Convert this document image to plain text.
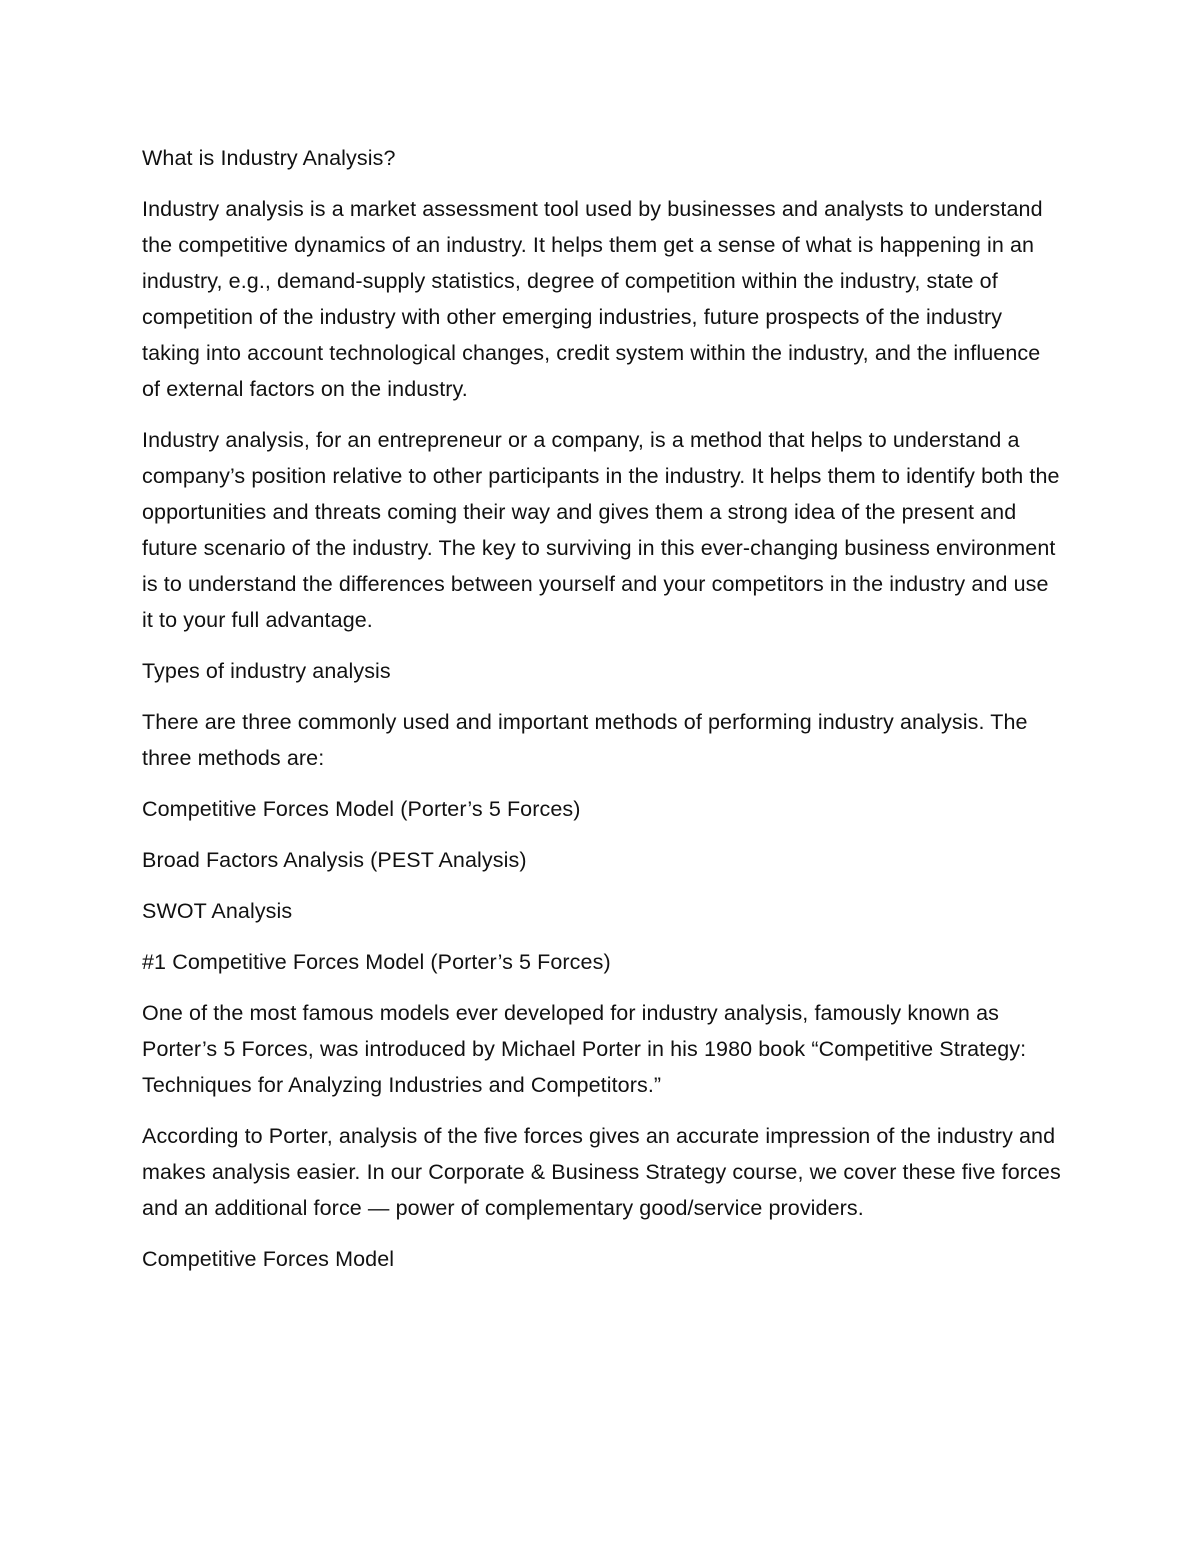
What is Industry Analysis?

Industry analysis is a market assessment tool used by businesses and analysts to understand the competitive dynamics of an industry. It helps them get a sense of what is happening in an industry, e.g., demand-supply statistics, degree of competition within the industry, state of competition of the industry with other emerging industries, future prospects of the industry taking into account technological changes, credit system within the industry, and the influence of external factors on the industry.

Industry analysis, for an entrepreneur or a company, is a method that helps to understand a company’s position relative to other participants in the industry. It helps them to identify both the opportunities and threats coming their way and gives them a strong idea of the present and future scenario of the industry. The key to surviving in this ever-changing business environment is to understand the differences between yourself and your competitors in the industry and use it to your full advantage.

Types of industry analysis

There are three commonly used and important methods of performing industry analysis. The three methods are:

Competitive Forces Model (Porter’s 5 Forces)

Broad Factors Analysis (PEST Analysis)

SWOT Analysis

#1 Competitive Forces Model (Porter’s 5 Forces)

One of the most famous models ever developed for industry analysis, famously known as Porter’s 5 Forces, was introduced by Michael Porter in his 1980 book “Competitive Strategy: Techniques for Analyzing Industries and Competitors.”

According to Porter, analysis of the five forces gives an accurate impression of the industry and makes analysis easier. In our Corporate & Business Strategy course, we cover these five forces and an additional force — power of complementary good/service providers.

Competitive Forces Model
